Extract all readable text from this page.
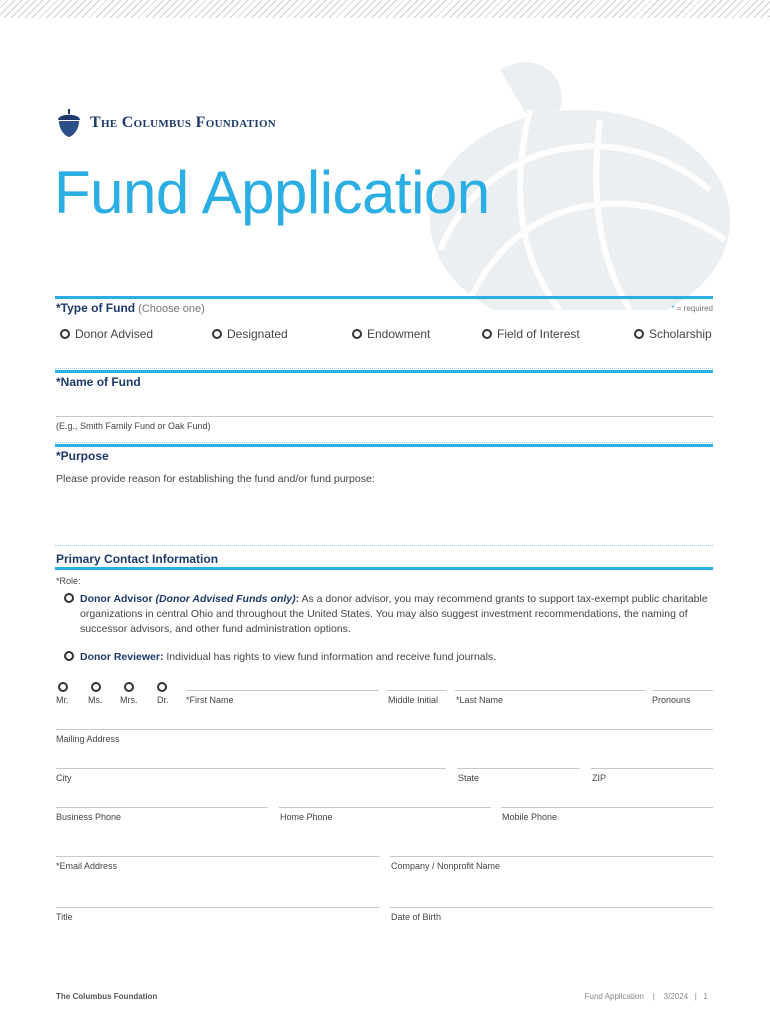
The Columbus Foundation
Fund Application
*Type of Fund (Choose one)	* = required
Donor Advised	Designated	Endowment	Field of Interest	Scholarship
*Name of Fund
(E.g., Smith Family Fund or Oak Fund)
*Purpose
Please provide reason for establishing the fund and/or fund purpose:
Primary Contact Information
*Role:
Donor Advisor (Donor Advised Funds only): As a donor advisor, you may recommend grants to support tax-exempt public charitable organizations in central Ohio and throughout the United States. You may also suggest investment recommendations, the naming of successor advisors, and other fund administration options.
Donor Reviewer: Individual has rights to view fund information and receive fund journals.
Mr. Ms. Mrs. Dr. *First Name	Middle Initial *Last Name	Pronouns
Mailing Address
City	State	ZIP
Business Phone	Home Phone	Mobile Phone
*Email Address	Company / Nonprofit Name
Title	Date of Birth
The Columbus Foundation	Fund Application | 3/2024 | 1
